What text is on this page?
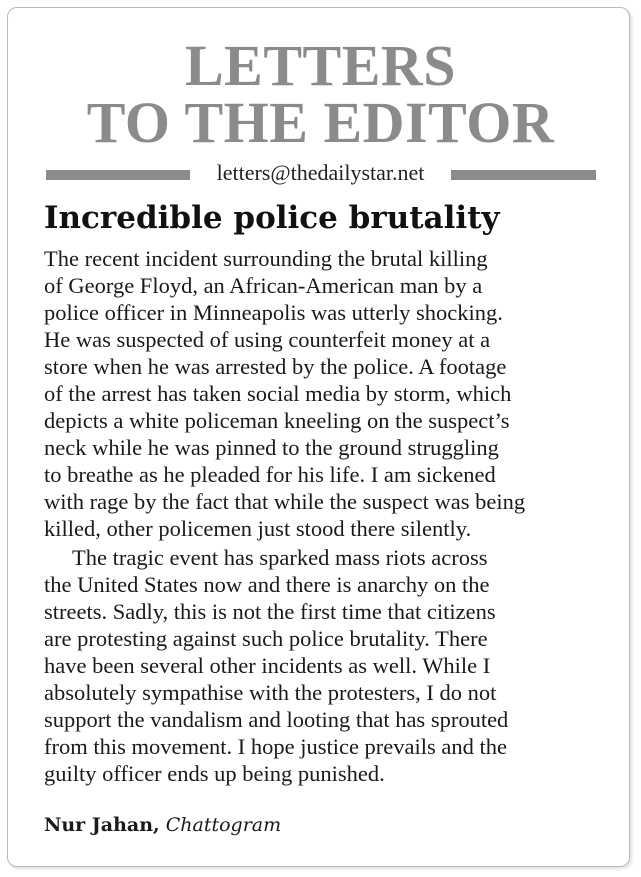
LETTERS
TO THE EDITOR
letters@thedailystar.net
Incredible police brutality
The recent incident surrounding the brutal killing
of George Floyd, an African-American man by a
police officer in Minneapolis was utterly shocking.
He was suspected of using counterfeit money at a
store when he was arrested by the police. A footage
of the arrest has taken social media by storm, which
depicts a white policeman kneeling on the suspect’s
neck while he was pinned to the ground struggling
to breathe as he pleaded for his life. I am sickened
with rage by the fact that while the suspect was being
killed, other policemen just stood there silently.
The tragic event has sparked mass riots across
the United States now and there is anarchy on the
streets. Sadly, this is not the first time that citizens
are protesting against such police brutality. There
have been several other incidents as well. While I
absolutely sympathise with the protesters, I do not
support the vandalism and looting that has sprouted
from this movement. I hope justice prevails and the
guilty officer ends up being punished.
Nur Jahan, Chattogram
